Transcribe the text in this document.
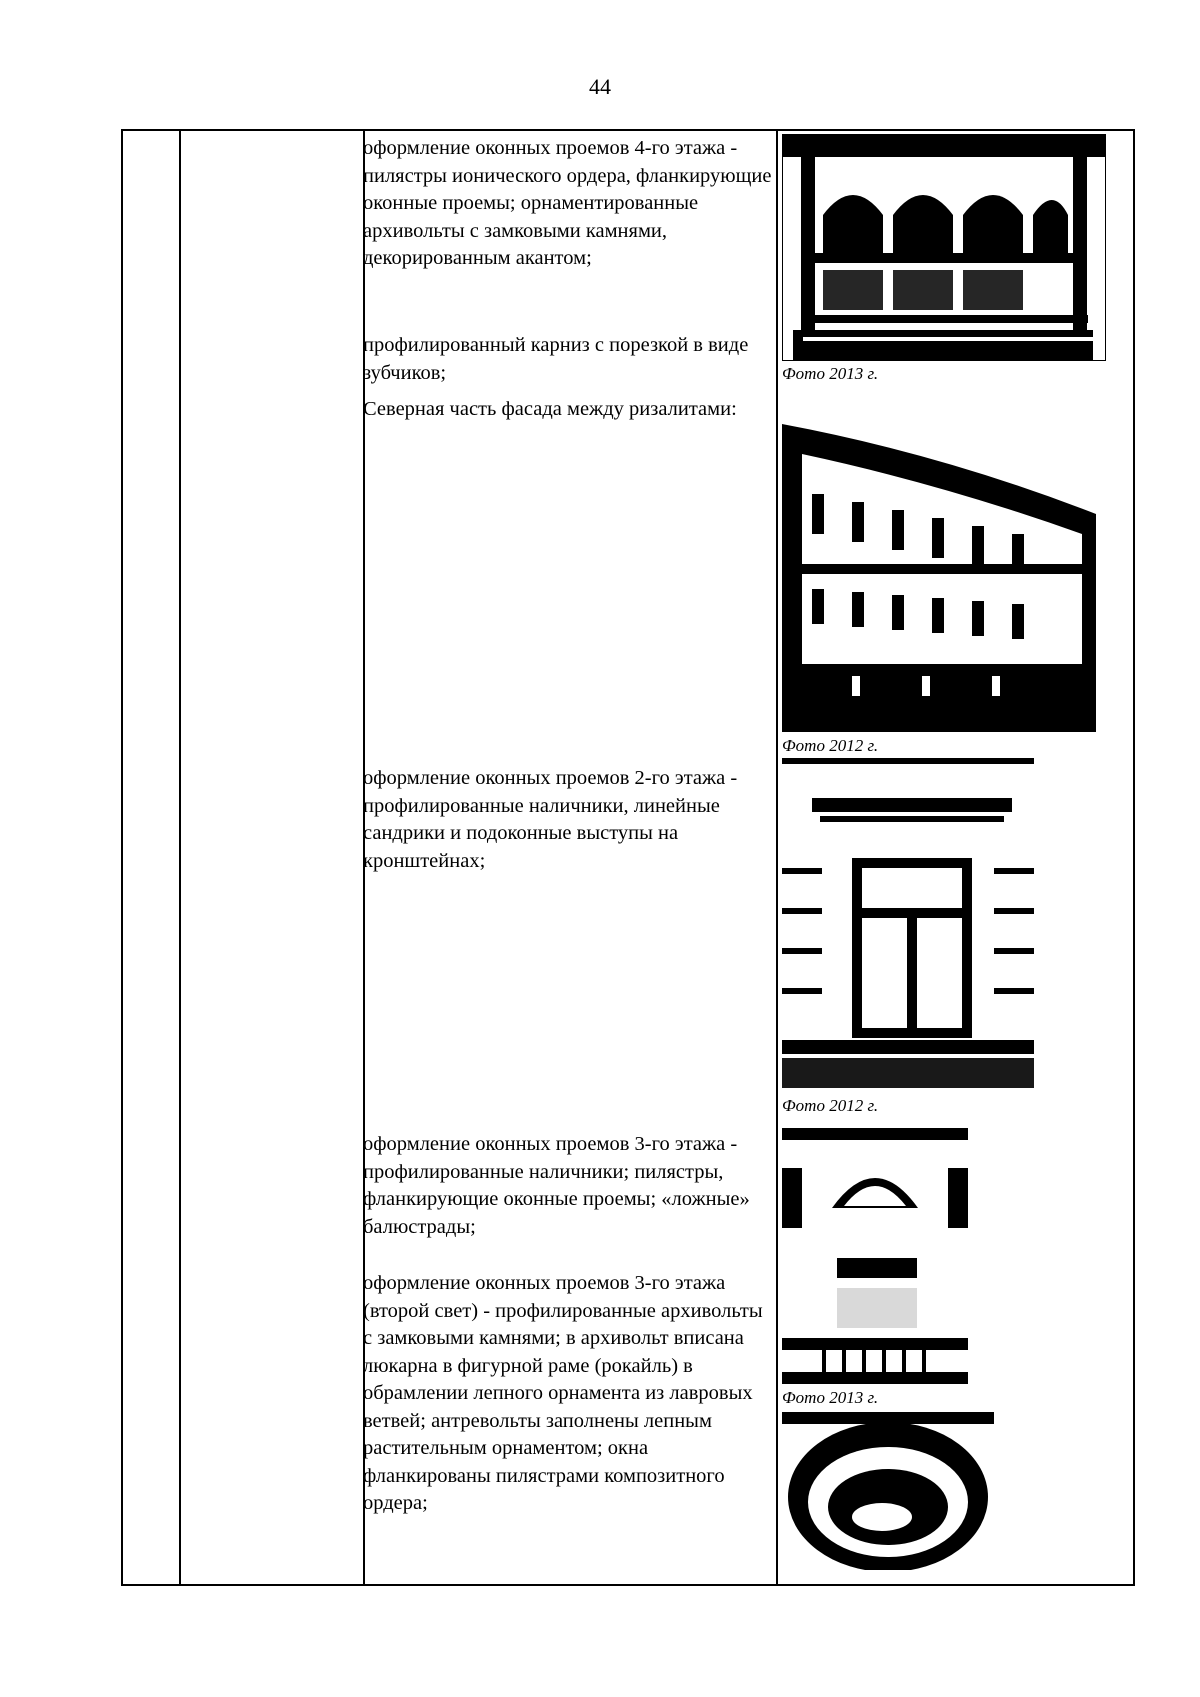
44
оформление оконных проемов 4-го этажа - пилястры ионического ордера, фланкирующие оконные проемы; орнаментированные архивольты с замковыми камнями, декорированным акантом;
профилированный карниз с порезкой в виде зубчиков;	Фото 2013 г.
Северная часть фасада между ризалитами:
Фото 2012 г.
оформление оконных проемов 2-го этажа - профилированные наличники, линейные сандрики и подоконные выступы на кронштейнах;
Фото 2012 г.
оформление оконных проемов 3-го этажа - профилированные наличники; пилястры, фланкирующие оконные проемы; «ложные» балюстрады;
оформление оконных проемов 3-го этажа (второй свет) - профилированные архивольты с замковыми камнями; в архивольт вписана люкарна в фигурной раме (рокайль) в обрамлении лепного орнамента из лавровых ветвей; антревольты заполнены лепным растительным орнаментом; окна фланкированы пилястрами композитного ордера;
Фото 2013 г.
